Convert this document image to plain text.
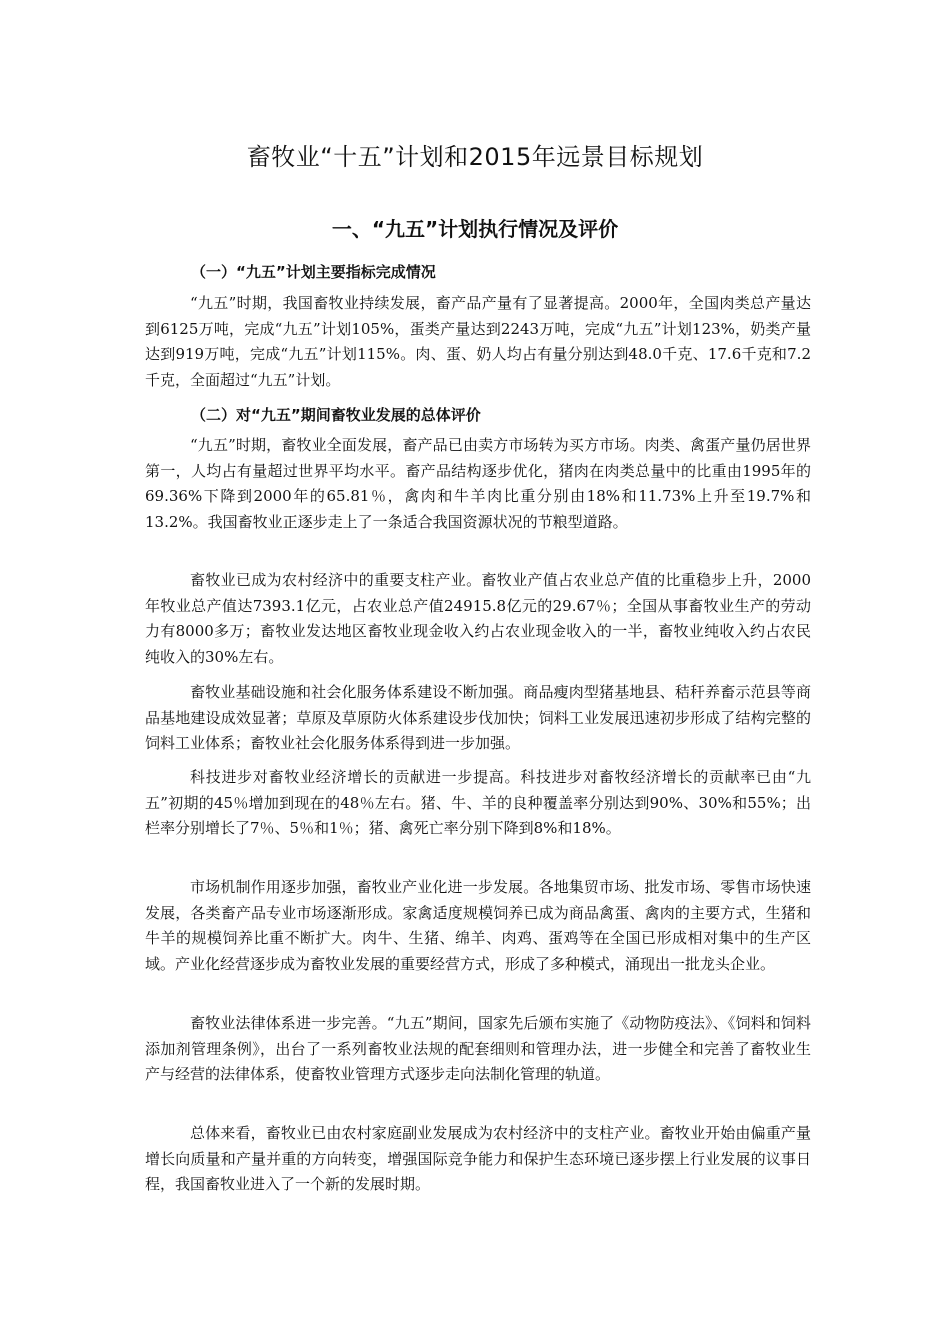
畜牧业“十五”计划和2015年远景目标规划
一、“九五”计划执行情况及评价
（一）“九五”计划主要指标完成情况

“九五”时期，我国畜牧业持续发展，畜产品产量有了显著提高。2000年，全国肉类总产量达到6125万吨，完成“九五”计划105%，蛋类产量达到2243万吨，完成“九五”计划123%，奶类产量达到919万吨，完成“九五”计划115%。肉、蛋、奶人均占有量分别达到48.0千克、17.6千克和7.2千克，全面超过“九五”计划。

（二）对“九五”期间畜牧业发展的总体评价

“九五”时期，畜牧业全面发展，畜产品已由卖方市场转为买方市场。肉类、禽蛋产量仍居世界第一，人均占有量超过世界平均水平。畜产品结构逐步优化，猪肉在肉类总量中的比重由1995年的69.36%下降到2000年的65.81％，禽肉和牛羊肉比重分别由18%和11.73%上升至19.7%和13.2%。我国畜牧业正逐步走上了一条适合我国资源状况的节粮型道路。

畜牧业已成为农村经济中的重要支柱产业。畜牧业产值占农业总产值的比重稳步上升，2000年牧业总产值达7393.1亿元，占农业总产值24915.8亿元的29.67％；全国从事畜牧业生产的劳动力有8000多万；畜牧业发达地区畜牧业现金收入约占农业现金收入的一半，畜牧业纯收入约占农民纯收入的30%左右。

畜牧业基础设施和社会化服务体系建设不断加强。商品瘦肉型猪基地县、秸秆养畜示范县等商品基地建设成效显著；草原及草原防火体系建设步伐加快；饲料工业发展迅速初步形成了结构完整的饲料工业体系；畜牧业社会化服务体系得到进一步加强。

科技进步对畜牧业经济增长的贡献进一步提高。科技进步对畜牧经济增长的贡献率已由“九五”初期的45％增加到现在的48％左右。猪、牛、羊的良种覆盖率分别达到90%、30%和55%；出栏率分别增长了7％、5％和1％；猪、禽死亡率分别下降到8%和18%。

市场机制作用逐步加强，畜牧业产业化进一步发展。各地集贸市场、批发市场、零售市场快速发展，各类畜产品专业市场逐渐形成。家禽适度规模饲养已成为商品禽蛋、禽肉的主要方式，生猪和牛羊的规模饲养比重不断扩大。肉牛、生猪、绵羊、肉鸡、蛋鸡等在全国已形成相对集中的生产区域。产业化经营逐步成为畜牧业发展的重要经营方式，形成了多种模式，涌现出一批龙头企业。

畜牧业法律体系进一步完善。“九五”期间，国家先后颁布实施了《动物防疫法》、《饲料和饲料添加剂管理条例》，出台了一系列畜牧业法规的配套细则和管理办法，进一步健全和完善了畜牧业生产与经营的法律体系，使畜牧业管理方式逐步走向法制化管理的轨道。

总体来看，畜牧业已由农村家庭副业发展成为农村经济中的支柱产业。畜牧业开始由偏重产量增长向质量和产量并重的方向转变，增强国际竞争能力和保护生态环境已逐步摆上行业发展的议事日程，我国畜牧业进入了一个新的发展时期。
